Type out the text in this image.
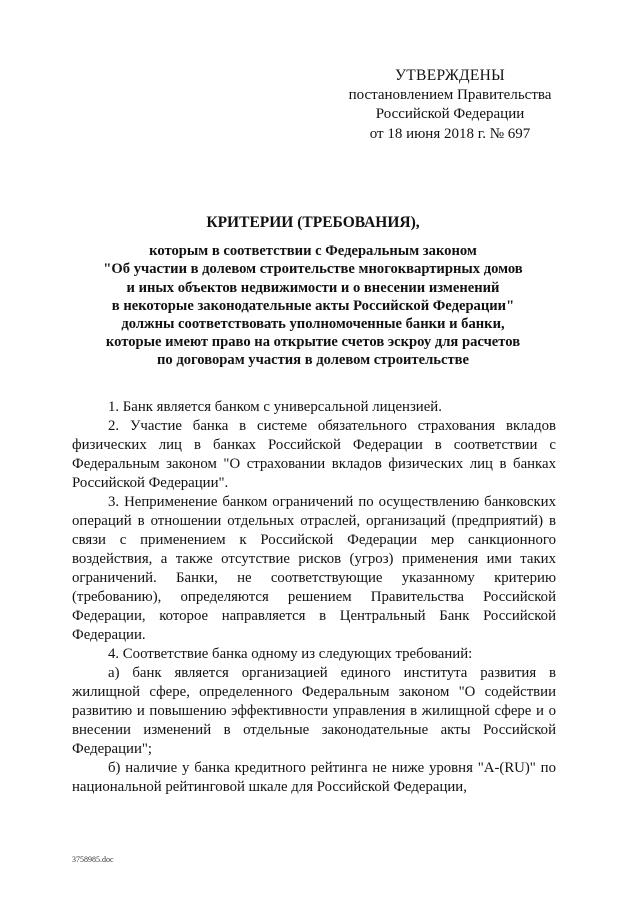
УТВЕРЖДЕНЫ
постановлением Правительства
Российской Федерации
от 18 июня 2018 г. № 697
КРИТЕРИИ (ТРЕБОВАНИЯ),
которым в соответствии с Федеральным законом
"Об участии в долевом строительстве многоквартирных домов
и иных объектов недвижимости и о внесении изменений
в некоторые законодательные акты Российской Федерации"
должны соответствовать уполномоченные банки и банки,
которые имеют право на открытие счетов эскроу для расчетов
по договорам участия в долевом строительстве

1. Банк является банком с универсальной лицензией.

2. Участие банка в системе обязательного страхования вкладов физических лиц в банках Российской Федерации в соответствии с Федеральным законом "О страховании вкладов физических лиц в банках Российской Федерации".

3. Неприменение банком ограничений по осуществлению банковских операций в отношении отдельных отраслей, организаций (предприятий) в связи с применением к Российской Федерации мер санкционного воздействия, а также отсутствие рисков (угроз) применения ими таких ограничений. Банки, не соответствующие указанному критерию (требованию), определяются решением Правительства Российской Федерации, которое направляется в Центральный Банк Российской Федерации.

4. Соответствие банка одному из следующих требований:

а) банк является организацией единого института развития в жилищной сфере, определенного Федеральным законом "О содействии развитию и повышению эффективности управления в жилищной сфере и о внесении изменений в отдельные законодательные акты Российской Федерации";

б) наличие у банка кредитного рейтинга не ниже уровня "A-(RU)" по национальной рейтинговой шкале для Российской Федерации,

3758985.doc
